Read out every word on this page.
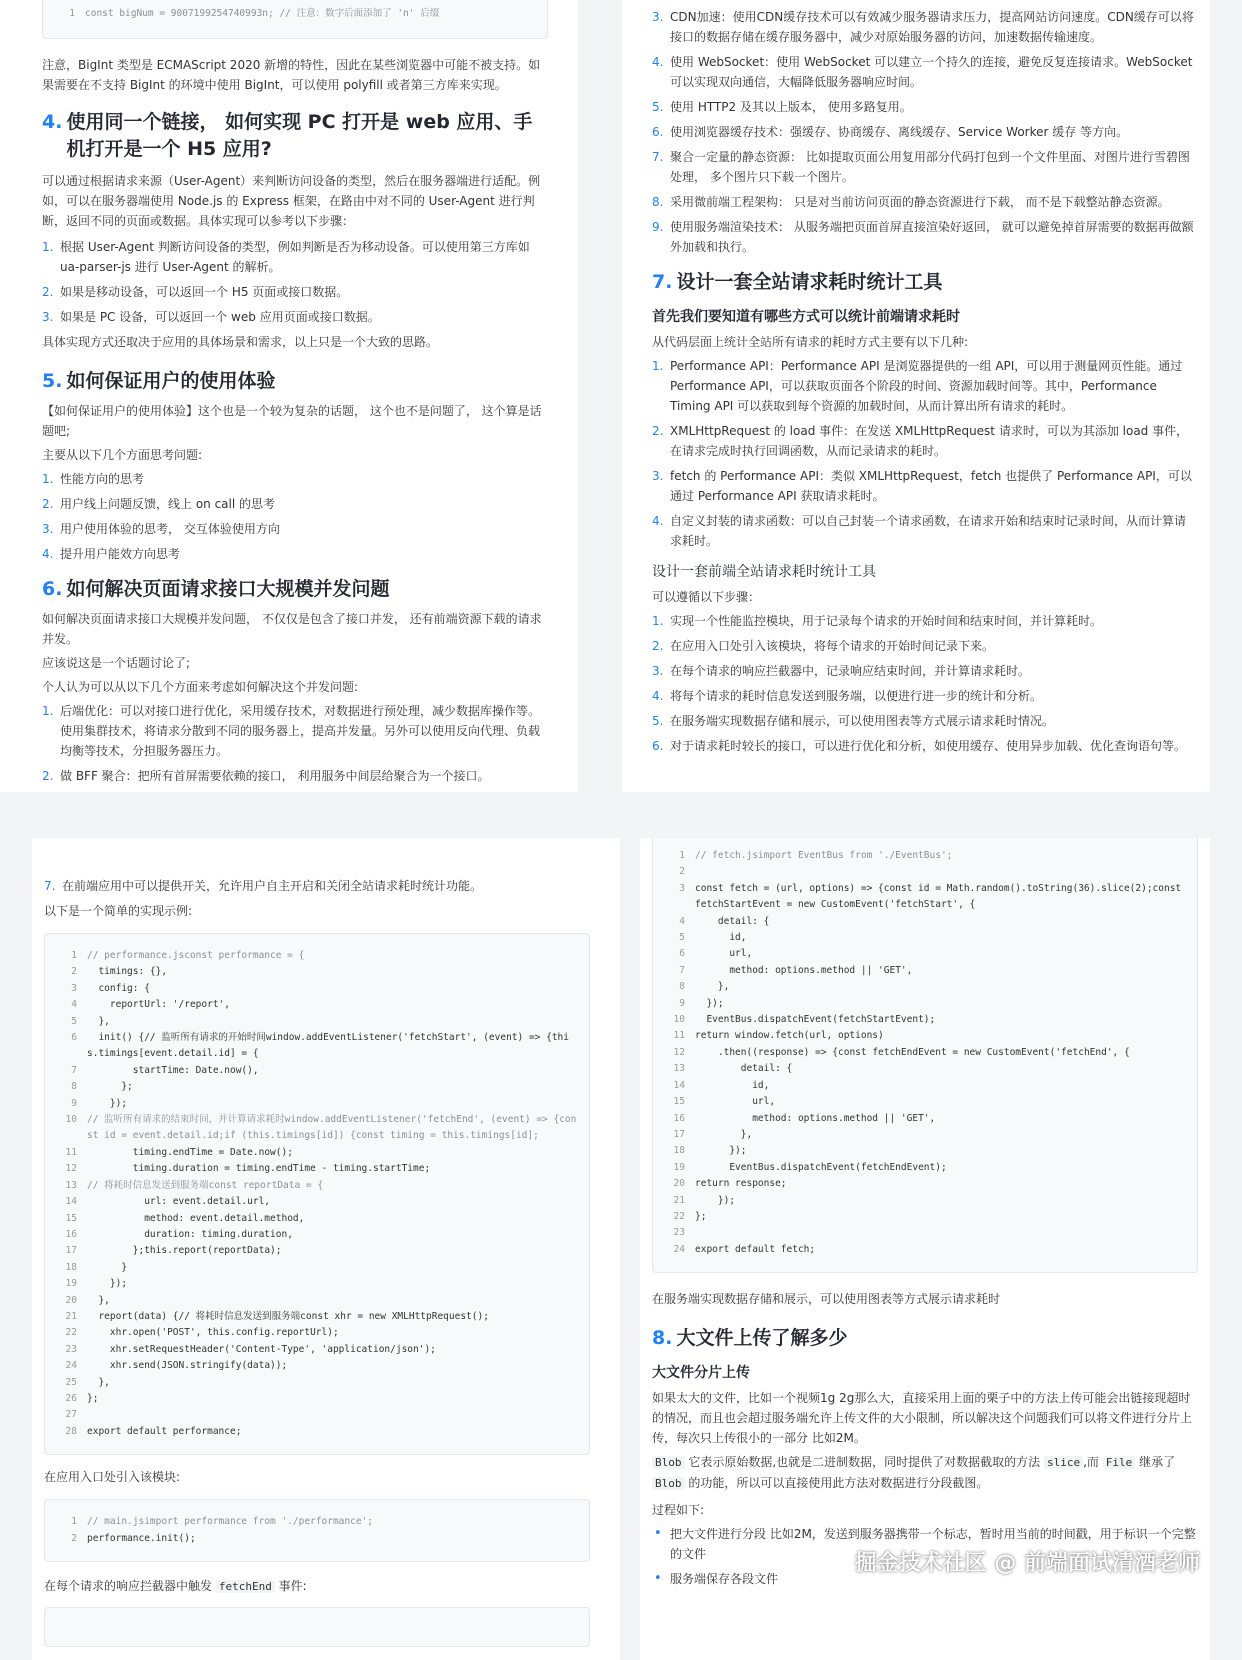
1	const bigNum = 9007199254740993n; // 注意：数字后面添加了 'n' 后缀

注意，BigInt 类型是 ECMAScript 2020 新增的特性，因此在某些浏览器中可能不被支持。如果需要在不支持 BigInt 的环境中使用 BigInt，可以使用 polyfill 或者第三方库来实现。

4. 使用同一个链接， 如何实现 PC 打开是 web 应用、手机打开是一个 H5 应用?

可以通过根据请求来源（User-Agent）来判断访问设备的类型，然后在服务器端进行适配。例如，可以在服务器端使用 Node.js 的 Express 框架，在路由中对不同的 User-Agent 进行判断，返回不同的页面或数据。具体实现可以参考以下步骤：

1. 根据 User-Agent 判断访问设备的类型，例如判断是否为移动设备。可以使用第三方库如 ua-parser-js 进行 User-Agent 的解析。
2. 如果是移动设备，可以返回一个 H5 页面或接口数据。
3. 如果是 PC 设备，可以返回一个 web 应用页面或接口数据。

具体实现方式还取决于应用的具体场景和需求，以上只是一个大致的思路。

5. 如何保证用户的使用体验

【如何保证用户的使用体验】这个也是一个较为复杂的话题， 这个也不是问题了， 这个算是话题吧;

主要从以下几个方面思考问题:

1. 性能方向的思考
2. 用户线上问题反馈，线上 on call 的思考
3. 用户使用体验的思考， 交互体验使用方向
4. 提升用户能效方向思考
6. 如何解决页面请求接口大规模并发问题

如何解决页面请求接口大规模并发问题， 不仅仅是包含了接口并发， 还有前端资源下载的请求并发。

应该说这是一个话题讨论了;

个人认为可以从以下几个方面来考虑如何解决这个并发问题:

1. 后端优化：可以对接口进行优化，采用缓存技术，对数据进行预处理，减少数据库操作等。使用集群技术，将请求分散到不同的服务器上，提高并发量。另外可以使用反向代理、负载均衡等技术，分担服务器压力。
2. 做 BFF 聚合：把所有首屏需要依赖的接口， 利用服务中间层给聚合为一个接口。
3. CDN加速：使用CDN缓存技术可以有效减少服务器请求压力，提高网站访问速度。CDN缓存可以将接口的数据存储在缓存服务器中，减少对原始服务器的访问，加速数据传输速度。
4. 使用 WebSocket：使用 WebSocket 可以建立一个持久的连接，避免反复连接请求。WebSocket 可以实现双向通信，大幅降低服务器响应时间。
5. 使用 HTTP2 及其以上版本， 使用多路复用。
6. 使用浏览器缓存技术：强缓存、协商缓存、离线缓存、Service Worker 缓存 等方向。
7. 聚合一定量的静态资源： 比如提取页面公用复用部分代码打包到一个文件里面、对图片进行雪碧图处理， 多个图片只下载一个图片。
8. 采用微前端工程架构： 只是对当前访问页面的静态资源进行下载， 而不是下载整站静态资源。
9. 使用服务端渲染技术： 从服务端把页面首屏直接渲染好返回， 就可以避免掉首屏需要的数据再做额外加载和执行。
7. 设计一套全站请求耗时统计工具
首先我们要知道有哪些方式可以统计前端请求耗时

从代码层面上统计全站所有请求的耗时方式主要有以下几种:

1. Performance API：Performance API 是浏览器提供的一组 API，可以用于测量网页性能。通过 Performance API，可以获取页面各个阶段的时间、资源加载时间等。其中，Performance Timing API 可以获取到每个资源的加载时间，从而计算出所有请求的耗时。
2. XMLHttpRequest 的 load 事件：在发送 XMLHttpRequest 请求时，可以为其添加 load 事件，在请求完成时执行回调函数，从而记录请求的耗时。
3. fetch 的 Performance API：类似 XMLHttpRequest，fetch 也提供了 Performance API，可以通过 Performance API 获取请求耗时。
4. 自定义封装的请求函数：可以自己封装一个请求函数，在请求开始和结束时记录时间，从而计算请求耗时。
设计一套前端全站请求耗时统计工具

可以遵循以下步骤：

1. 实现一个性能监控模块，用于记录每个请求的开始时间和结束时间，并计算耗时。
2. 在应用入口处引入该模块，将每个请求的开始时间记录下来。
3. 在每个请求的响应拦截器中，记录响应结束时间，并计算请求耗时。
4. 将每个请求的耗时信息发送到服务端，以便进行进一步的统计和分析。
5. 在服务端实现数据存储和展示，可以使用图表等方式展示请求耗时情况。
6. 对于请求耗时较长的接口，可以进行优化和分析，如使用缓存、使用异步加载、优化查询语句等。
7. 在前端应用中可以提供开关，允许用户自主开启和关闭全站请求耗时统计功能。

以下是一个简单的实现示例:

1	// performance.jsconst performance = {
2	timings: {},
3	config: {
4	reportUrl: '/report',
5	},
6	init() {// 监听所有请求的开始时间window.addEventListener('fetchStart', (event) => {this.timings[event.detail.id] = {
7	startTime: Date.now(),
8	};
9	});
10	// 监听所有请求的结束时间，并计算请求耗时window.addEventListener('fetchEnd', (event) => {const id = event.detail.id;if (this.timings[id]) {const timing = this.timings[id];
11	timing.endTime = Date.now();
12	timing.duration = timing.endTime - timing.startTime;
13	// 将耗时信息发送到服务端const reportData = {
14	url: event.detail.url,
15	method: event.detail.method,
16	duration: timing.duration,
17	};this.report(reportData);
18	}
19	});
20	},
21	report(data) {// 将耗时信息发送到服务端const xhr = new XMLHttpRequest();
22	xhr.open('POST', this.config.reportUrl);
23	xhr.setRequestHeader('Content-Type', 'application/json');
24	xhr.send(JSON.stringify(data));
25	},
26	};
27

28	export default performance;

在应用入口处引入该模块:

1	// main.jsimport performance from './performance';
2	performance.init();

在每个请求的响应拦截器中触发 fetchEnd 事件:

1	// fetch.jsimport EventBus from './EventBus';
2

3	const fetch = (url, options) => {const id = Math.random().toString(36).slice(2);const fetchStartEvent = new CustomEvent('fetchStart', {
4	detail: {
5	id,
6	url,
7	method: options.method || 'GET',
8	},
9	});
10	EventBus.dispatchEvent(fetchStartEvent);
11	return window.fetch(url, options)
12	.then((response) => {const fetchEndEvent = new CustomEvent('fetchEnd', {
13	detail: {
14	id,
15	url,
16	method: options.method || 'GET',
17	},
18	});
19	EventBus.dispatchEvent(fetchEndEvent);
20	return response;
21	});
22	};
23

24	export default fetch;

在服务端实现数据存储和展示，可以使用图表等方式展示请求耗时

8. 大文件上传了解多少
大文件分片上传

如果太大的文件，比如一个视频1g 2g那么大，直接采用上面的栗子中的方法上传可能会出链接现超时的情况，而且也会超过服务端允许上传文件的大小限制，所以解决这个问题我们可以将文件进行分片上传，每次只上传很小的一部分 比如2M。

Blob 它表示原始数据,也就是二进制数据，同时提供了对数据截取的方法 slice ,而 File 继承了 Blob 的功能，所以可以直接使用此方法对数据进行分段截图。

过程如下:

• 把大文件进行分段 比如2M，发送到服务器携带一个标志，暂时用当前的时间戳，用于标识一个完整的文件
• 服务端保存各段文件
掘金技术社区 @ 前端面试清酒老师
